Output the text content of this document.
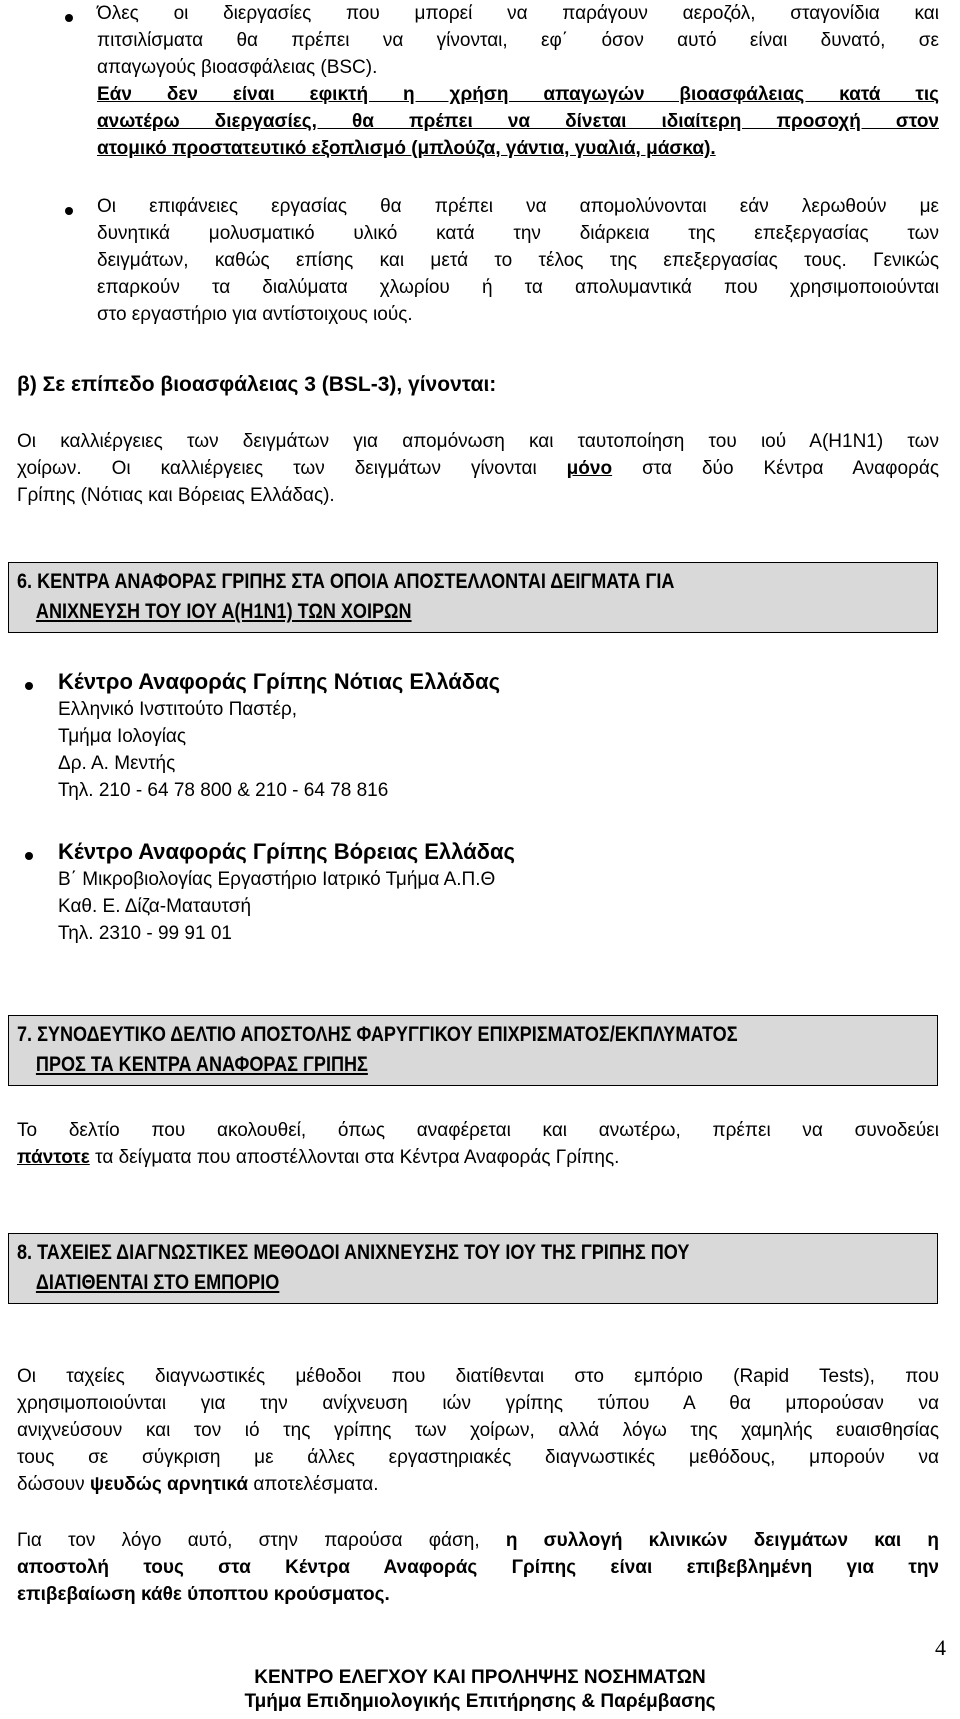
Όλες οι διεργασίες που μπορεί να παράγουν αεροζόλ, σταγονίδια και
πιτσιλίσματα θα πρέπει να γίνονται, εφ΄ όσον αυτό είναι δυνατό, σε
απαγωγούς βιοασφάλειας (BSC).
Εάν δεν είναι εφικτή η χρήση απαγωγών βιοασφάλειας κατά τις
ανωτέρω διεργασίες, θα πρέπει να δίνεται ιδιαίτερη προσοχή στον
ατομικό προστατευτικό εξοπλισμό (μπλούζα, γάντια, γυαλιά, μάσκα).
Οι επιφάνειες εργασίας θα πρέπει να απομολύνονται εάν λερωθούν με
δυνητικά μολυσματικό υλικό κατά την διάρκεια της επεξεργασίας των
δειγμάτων, καθώς επίσης και μετά το τέλος της επεξεργασίας τους. Γενικώς
επαρκούν τα διαλύματα χλωρίου ή τα απολυμαντικά που χρησιμοποιούνται
στο εργαστήριο για αντίστοιχους ιούς.
β) Σε επίπεδο βιοασφάλειας 3 (BSL-3), γίνονται:
Οι καλλιέργειες των δειγμάτων για απομόνωση και ταυτοποίηση του ιού Α(Η1Ν1) των
χοίρων. Οι καλλιέργειες των δειγμάτων γίνονται μόνο στα δύο Κέντρα Αναφοράς
Γρίπης (Νότιας και Βόρειας Ελλάδας).
6. ΚΕΝΤΡΑ ΑΝΑΦΟΡΑΣ ΓΡΙΠΗΣ ΣΤΑ ΟΠΟΙΑ ΑΠΟΣΤΕΛΛΟΝΤΑΙ ΔΕΙΓΜΑΤΑ ΓΙΑ
ΑΝΙΧΝΕΥΣΗ ΤΟΥ ΙΟΥ Α(Η1Ν1) ΤΩΝ ΧΟΙΡΩΝ
Κέντρο Αναφοράς Γρίπης Νότιας Ελλάδας
Ελληνικό Ινστιτούτο Παστέρ,
Τμήμα Ιολογίας
Δρ. Α. Μεντής
Τηλ. 210 - 64 78 800 & 210 - 64 78 816
Κέντρο Αναφοράς Γρίπης Βόρειας Ελλάδας
Β΄ Μικροβιολογίας Εργαστήριο Ιατρικό Τμήμα Α.Π.Θ
Καθ. Ε. Δίζα-Ματαυτσή
Τηλ. 2310 - 99 91 01
7. ΣΥΝΟΔΕΥΤΙΚΟ ΔΕΛΤΙΟ ΑΠΟΣΤΟΛΗΣ ΦΑΡΥΓΓΙΚΟΥ ΕΠΙΧΡΙΣΜΑΤΟΣ/ΕΚΠΛΥΜΑΤΟΣ
ΠΡΟΣ ΤΑ ΚΕΝΤΡΑ ΑΝΑΦΟΡΑΣ ΓΡΙΠΗΣ
Το δελτίο που ακολουθεί, όπως αναφέρεται και ανωτέρω, πρέπει να συνοδεύει
πάντοτε τα δείγματα που αποστέλλονται στα Κέντρα Αναφοράς Γρίπης.
8. ΤΑΧΕΙΕΣ ΔΙΑΓΝΩΣΤΙΚΕΣ ΜΕΘΟΔΟΙ ΑΝΙΧΝΕΥΣΗΣ ΤΟΥ ΙΟΥ ΤΗΣ ΓΡΙΠΗΣ ΠΟΥ
ΔΙΑΤΙΘΕΝΤΑΙ ΣΤΟ ΕΜΠΟΡΙΟ
Οι ταχείες διαγνωστικές μέθοδοι που διατίθενται στο εμπόριο (Rapid Tests), που
χρησιμοποιούνται για την ανίχνευση ιών γρίπης τύπου Α θα μπορούσαν να
ανιχνεύσουν και τον ιό της γρίπης των χοίρων, αλλά λόγω της χαμηλής ευαισθησίας
τους σε σύγκριση με άλλες εργαστηριακές διαγνωστικές μεθόδους, μπορούν να
δώσουν ψευδώς αρνητικά αποτελέσματα.
Για τον λόγο αυτό, στην παρούσα φάση, η συλλογή κλινικών δειγμάτων και η
αποστολή τους στα Κέντρα Αναφοράς Γρίπης είναι επιβεβλημένη για την
επιβεβαίωση κάθε ύποπτου κρούσματος.
4
ΚΕΝΤΡΟ ΕΛΕΓΧΟΥ ΚΑΙ ΠΡΟΛΗΨΗΣ ΝΟΣΗΜΑΤΩΝ
Τμήμα Επιδημιολογικής Επιτήρησης & Παρέμβασης
